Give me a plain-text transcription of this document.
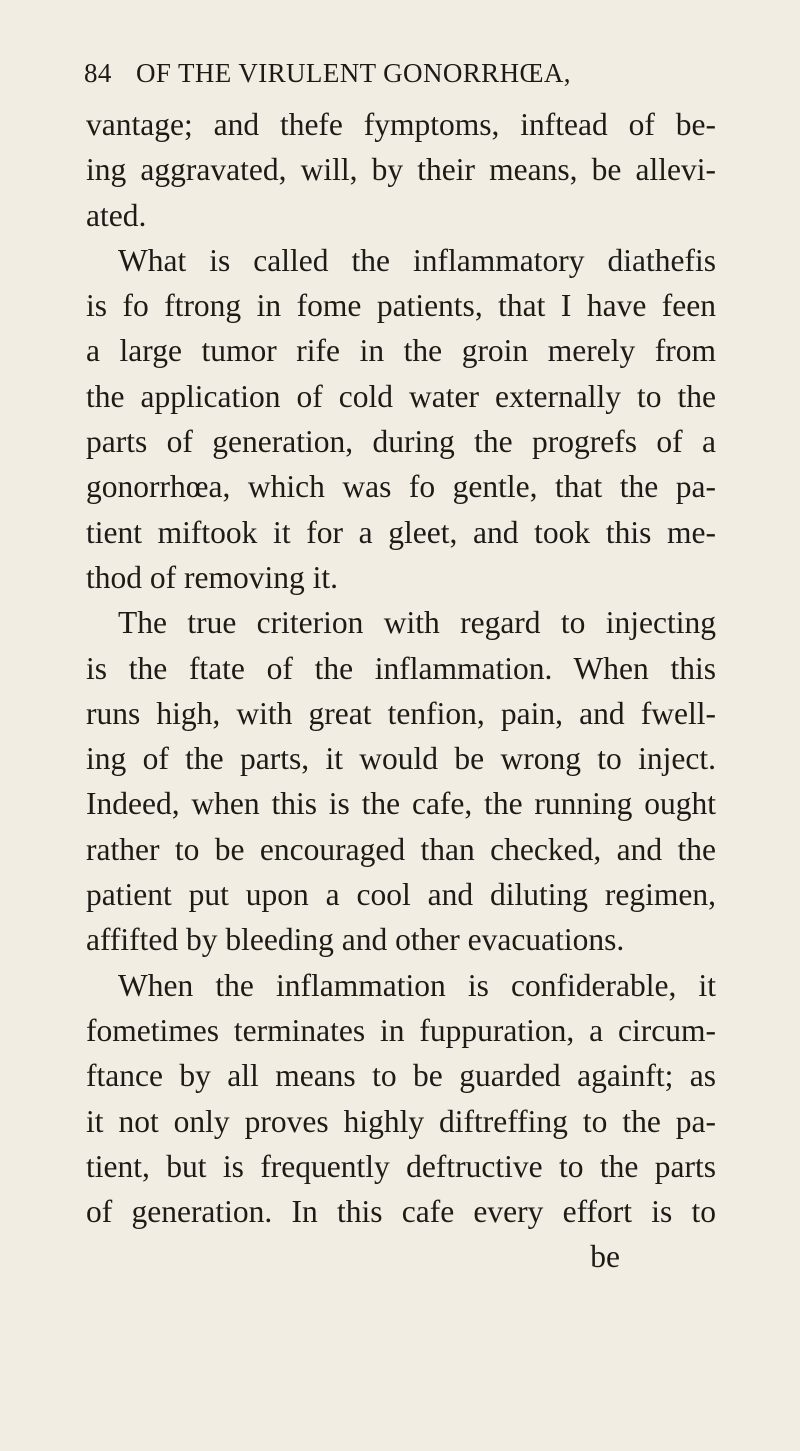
84 OF THE VIRULENT GONORRHŒA,
vantage; and thefe fymptoms, inftead of be-
ing aggravated, will, by their means, be allevi-
ated.
What is called the inflammatory diathefis
is fo ftrong in fome patients, that I have feen
a large tumor rife in the groin merely from
the application of cold water externally to the
parts of generation, during the progrefs of a
gonorrhœa, which was fo gentle, that the pa-
tient miftook it for a gleet, and took this me-
thod of removing it.
The true criterion with regard to injecting
is the ftate of the inflammation. When this
runs high, with great tenfion, pain, and fwell-
ing of the parts, it would be wrong to inject.
Indeed, when this is the cafe, the running ought
rather to be encouraged than checked, and the
patient put upon a cool and diluting regimen,
affifted by bleeding and other evacuations.
When the inflammation is confiderable, it
fometimes terminates in fuppuration, a circum-
ftance by all means to be guarded againft; as
it not only proves highly diftreffing to the pa-
tient, but is frequently deftructive to the parts
of generation. In this cafe every effort is to
be
